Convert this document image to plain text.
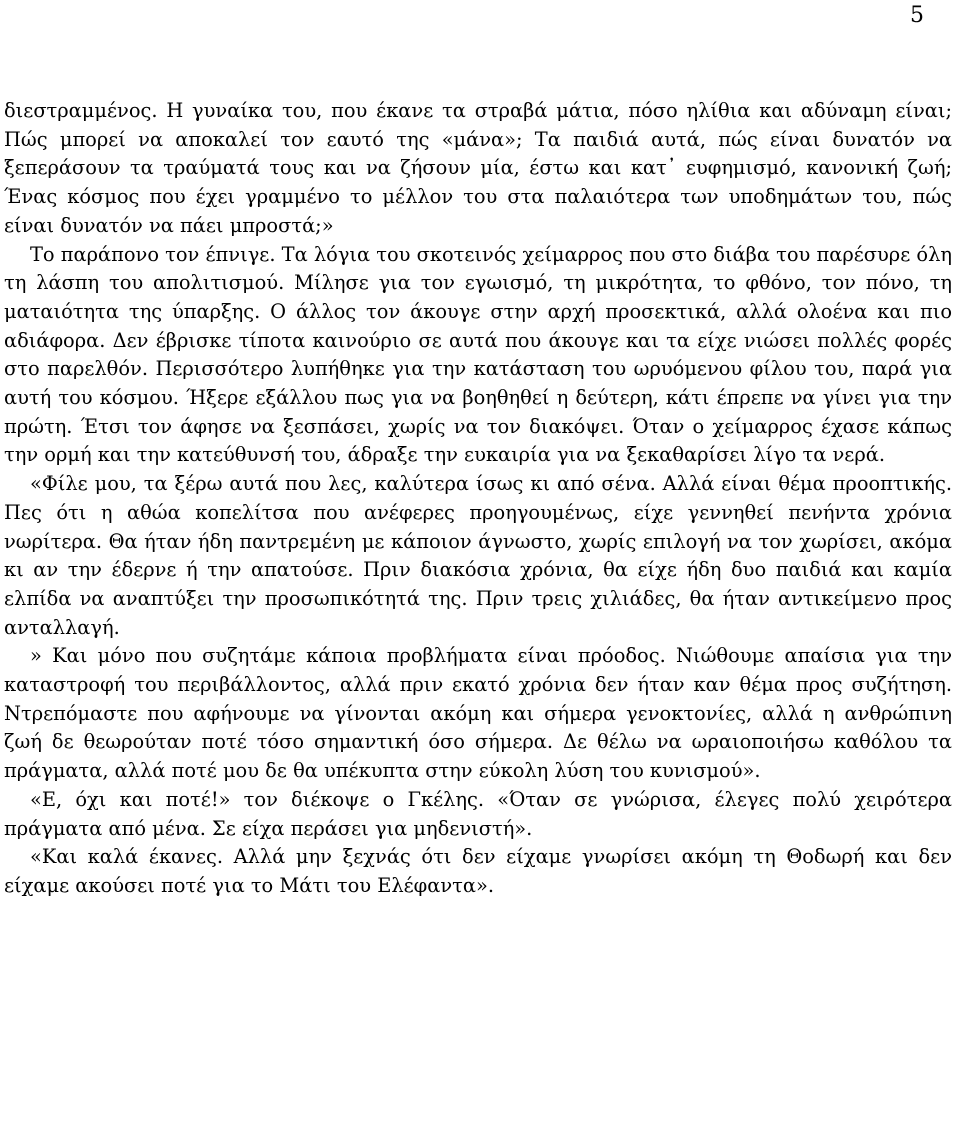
5

διεστραμμένος. Η γυναίκα του, που έκανε τα στραβά μάτια, πόσο ηλίθια και αδύναμη είναι; Πώς μπορεί να αποκαλεί τον εαυτό της «μάνα»; Τα παιδιά αυτά, πώς είναι δυνατόν να ξεπεράσουν τα τραύματά τους και να ζήσουν μία, έστω και κατ᾽ ευφημισμό, κανονική ζωή; Ένας κόσμος που έχει γραμμένο το μέλλον του στα παλαιότερα των υποδημάτων του, πώς είναι δυνατόν να πάει μπροστά;»

Το παράπονο τον έπνιγε. Τα λόγια του σκοτεινός χείμαρρος που στο διάβα του παρέσυρε όλη τη λάσπη του απολιτισμού. Μίλησε για τον εγωισμό, τη μικρότητα, το φθόνο, τον πόνο, τη ματαιότητα της ύπαρξης. Ο άλλος τον άκουγε στην αρχή προσεκτικά, αλλά ολοένα και πιο αδιάφορα. Δεν έβρισκε τίποτα καινούριο σε αυτά που άκουγε και τα είχε νιώσει πολλές φορές στο παρελθόν. Περισσότερο λυπήθηκε για την κατάσταση του ωρυόμενου φίλου του, παρά για αυτή του κόσμου. Ήξερε εξάλλου πως για να βοηθηθεί η δεύτερη, κάτι έπρεπε να γίνει για την πρώτη. Έτσι τον άφησε να ξεσπάσει, χωρίς να τον διακόψει. Όταν ο χείμαρρος έχασε κάπως την ορμή και την κατεύθυνσή του, άδραξε την ευκαιρία για να ξεκαθαρίσει λίγο τα νερά.

«Φίλε μου, τα ξέρω αυτά που λες, καλύτερα ίσως κι από σένα. Αλλά είναι θέμα προοπτικής. Πες ότι η αθώα κοπελίτσα που ανέφερες προηγουμένως, είχε γεννηθεί πενήντα χρόνια νωρίτερα. Θα ήταν ήδη παντρεμένη με κάποιον άγνωστο, χωρίς επιλογή να τον χωρίσει, ακόμα κι αν την έδερνε ή την απατούσε. Πριν διακόσια χρόνια, θα είχε ήδη δυο παιδιά και καμία ελπίδα να αναπτύξει την προσωπικότητά της. Πριν τρεις χιλιάδες, θα ήταν αντικείμενο προς ανταλλαγή.

» Και μόνο που συζητάμε κάποια προβλήματα είναι πρόοδος. Νιώθουμε απαίσια για την καταστροφή του περιβάλλοντος, αλλά πριν εκατό χρόνια δεν ήταν καν θέμα προς συζήτηση. Ντρεπόμαστε που αφήνουμε να γίνονται ακόμη και σήμερα γενοκτονίες, αλλά η ανθρώπινη ζωή δε θεωρούταν ποτέ τόσο σημαντική όσο σήμερα. Δε θέλω να ωραιοποιήσω καθόλου τα πράγματα, αλλά ποτέ μου δε θα υπέκυπτα στην εύκολη λύση του κυνισμού».

«Ε, όχι και ποτέ!» τον διέκοψε ο Γκέλης. «Όταν σε γνώρισα, έλεγες πολύ χειρότερα πράγματα από μένα. Σε είχα περάσει για μηδενιστή».

«Και καλά έκανες. Αλλά μην ξεχνάς ότι δεν είχαμε γνωρίσει ακόμη τη Θοδωρή και δεν είχαμε ακούσει ποτέ για το Μάτι του Ελέφαντα».
